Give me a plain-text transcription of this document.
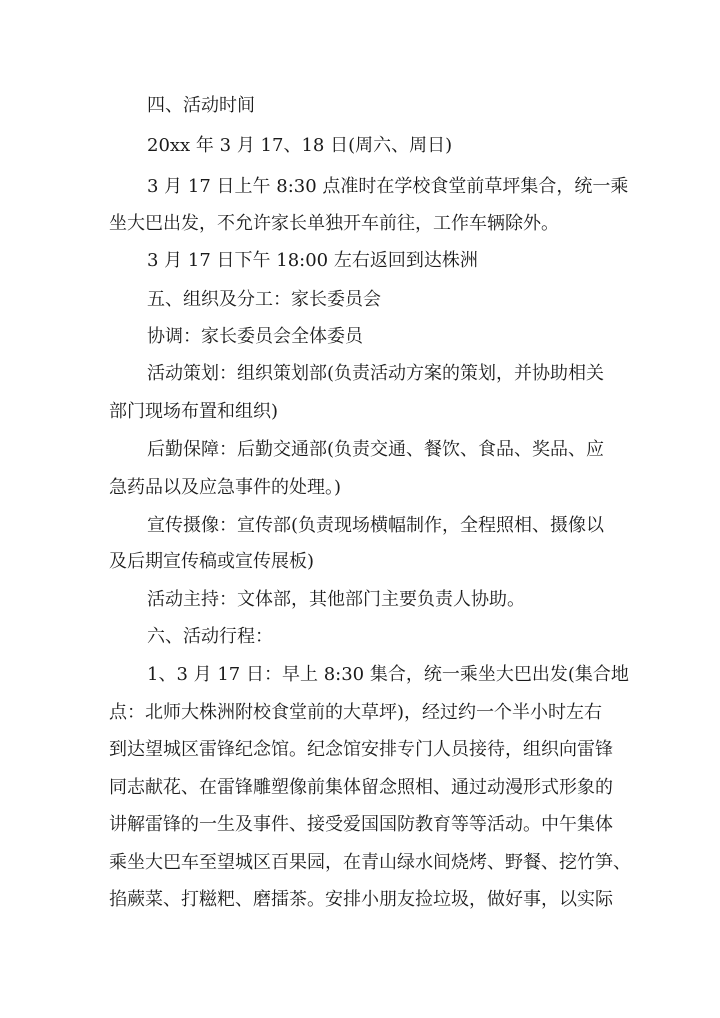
四、活动时间
20xx 年 3 月 17、18 日(周六、周日)
3 月 17 日上午 8:30 点准时在学校食堂前草坪集合，统一乘
坐大巴出发，不允许家长单独开车前往，工作车辆除外。
3 月 17 日下午 18:00 左右返回到达株洲
五、组织及分工：家长委员会
协调：家长委员会全体委员
活动策划：组织策划部(负责活动方案的策划，并协助相关
部门现场布置和组织)
后勤保障：后勤交通部(负责交通、餐饮、食品、奖品、应
急药品以及应急事件的处理。)
宣传摄像：宣传部(负责现场横幅制作，全程照相、摄像以
及后期宣传稿或宣传展板)
活动主持：文体部，其他部门主要负责人协助。
六、活动行程：
1、3 月 17 日：早上 8:30 集合，统一乘坐大巴出发(集合地
点：北师大株洲附校食堂前的大草坪)，经过约一个半小时左右
到达望城区雷锋纪念馆。纪念馆安排专门人员接待，组织向雷锋
同志献花、在雷锋雕塑像前集体留念照相、通过动漫形式形象的
讲解雷锋的一生及事件、接受爱国国防教育等等活动。中午集体
乘坐大巴车至望城区百果园，在青山绿水间烧烤、野餐、挖竹笋、
掐蕨菜、打糍粑、磨擂茶。安排小朋友捡垃圾，做好事，以实际
